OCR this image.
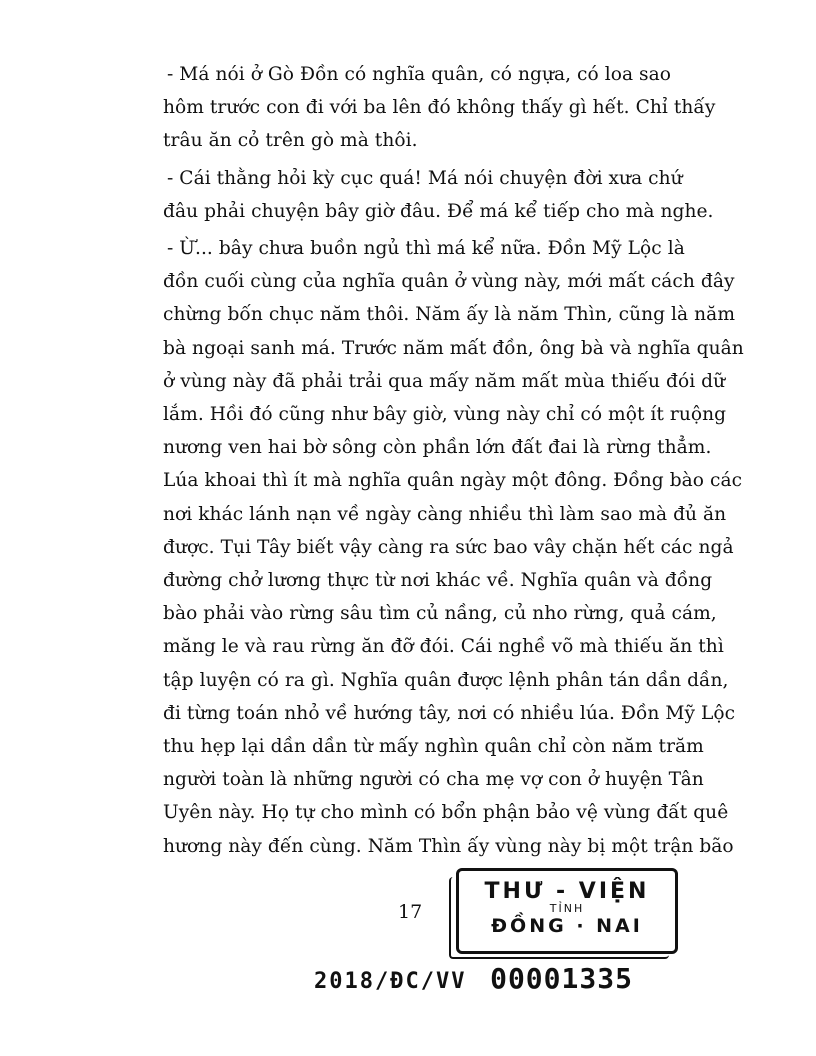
- Má nói ở Gò Đồn có nghĩa quân, có ngựa, có loa sao
hôm trước con đi với ba lên đó không thấy gì hết. Chỉ thấy
trâu ăn cỏ trên gò mà thôi.

- Cái thằng hỏi kỳ cục quá! Má nói chuyện đời xưa chứ
đâu phải chuyện bây giờ đâu. Để má kể tiếp cho mà nghe.

- Ừ... bây chưa buồn ngủ thì má kể nữa. Đồn Mỹ Lộc là
đồn cuối cùng của nghĩa quân ở vùng này, mới mất cách đây
chừng bốn chục năm thôi. Năm ấy là năm Thìn, cũng là năm
bà ngoại sanh má. Trước năm mất đồn, ông bà và nghĩa quân
ở vùng này đã phải trải qua mấy năm mất mùa thiếu đói dữ
lắm. Hồi đó cũng như bây giờ, vùng này chỉ có một ít ruộng
nương ven hai bờ sông còn phần lớn đất đai là rừng thẳm.
Lúa khoai thì ít mà nghĩa quân ngày một đông. Đồng bào các
nơi khác lánh nạn về ngày càng nhiều thì làm sao mà đủ ăn
được. Tụi Tây biết vậy càng ra sức bao vây chặn hết các ngả
đường chở lương thực từ nơi khác về. Nghĩa quân và đồng
bào phải vào rừng sâu tìm củ nầng, củ nho rừng, quả cám,
măng le và rau rừng ăn đỡ đói. Cái nghề võ mà thiếu ăn thì
tập luyện có ra gì. Nghĩa quân được lệnh phân tán dần dần,
đi từng toán nhỏ về hướng tây, nơi có nhiều lúa. Đồn Mỹ Lộc
thu hẹp lại dần dần từ mấy nghìn quân chỉ còn năm trăm
người toàn là những người có cha mẹ vợ con ở huyện Tân
Uyên này. Họ tự cho mình có bổn phận bảo vệ vùng đất quê
hương này đến cùng. Năm Thìn ấy vùng này bị một trận bão

17
THƯ - VIỆN
TỈNH
ĐỒNG · NAI
2018/ĐC/VV 00001335
